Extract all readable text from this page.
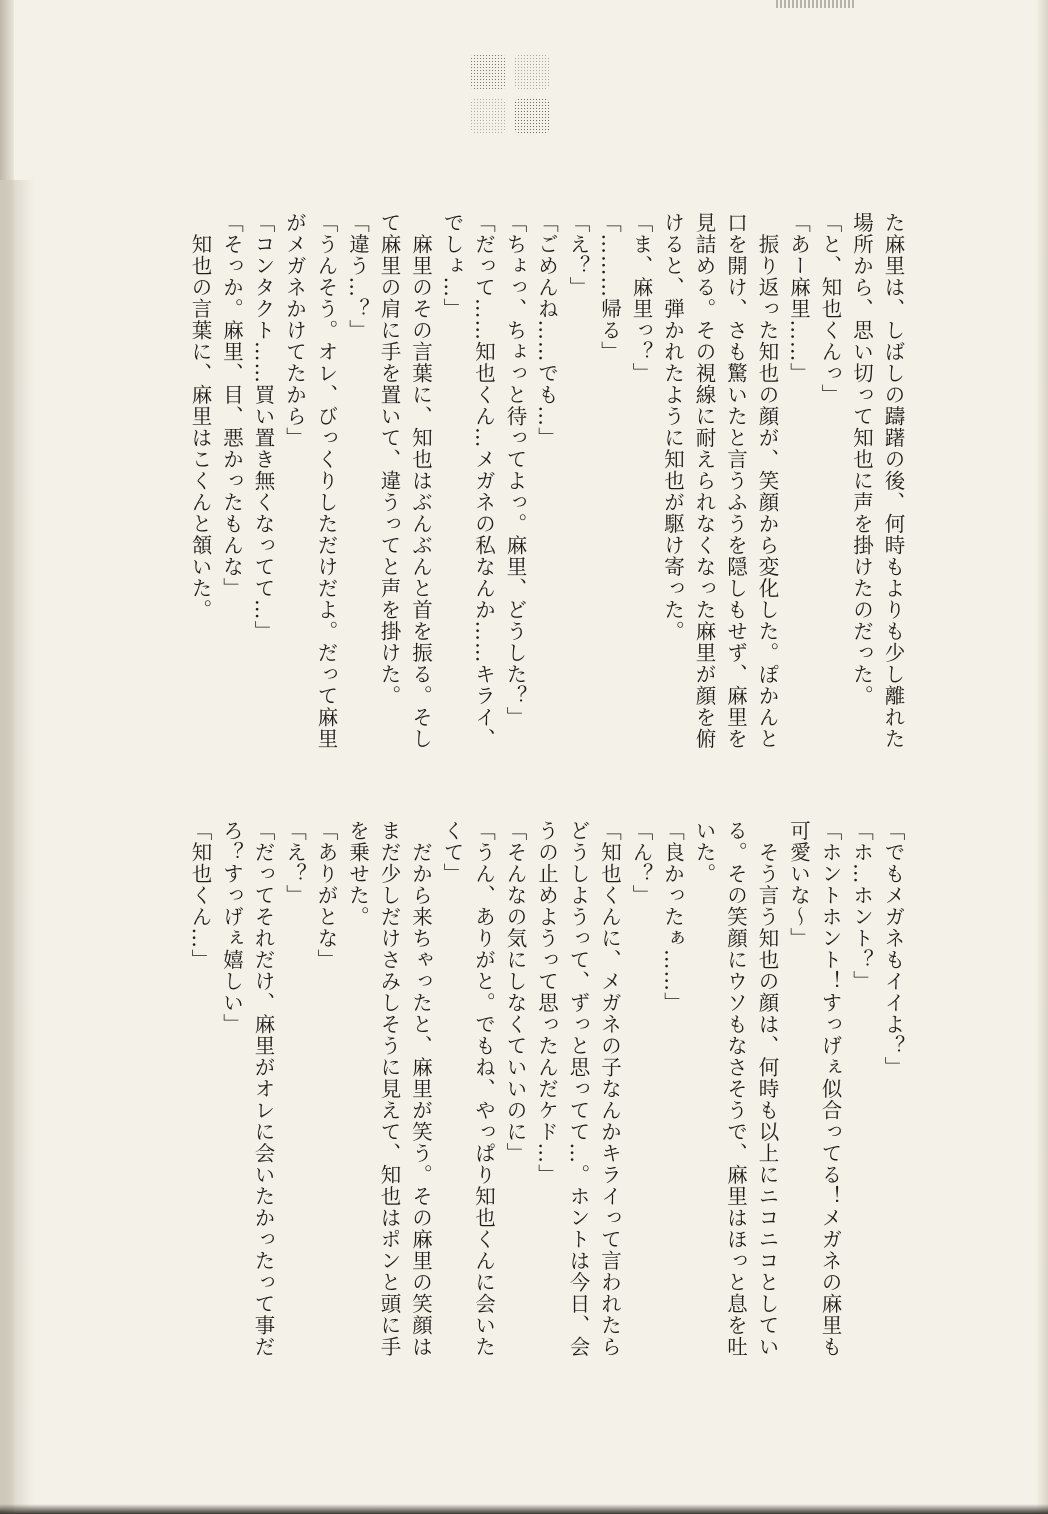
た麻里は、しばしの躊躇の後、何時もよりも少し離れた

場所から、思い切って知也に声を掛けたのだった。

「と、知也くんっ」

「あー麻里……」

　振り返った知也の顔が、笑顔から変化した。ぽかんと

口を開け、さも驚いたと言うふうを隠しもせず、麻里を

見詰める。その視線に耐えられなくなった麻里が顔を俯

けると、弾かれたように知也が駆け寄った。

「ま、麻里っ？」

「………帰る」

「え？」

「ごめんね……でも…」

「ちょっ、ちょっと待ってよっ。麻里、どうした？」

「だって……知也くん…メガネの私なんか……キライ、

でしょ…」

　麻里のその言葉に、知也はぶんぶんと首を振る。そし

て麻里の肩に手を置いて、違うってと声を掛けた。

「違う…？」

「うんそう。オレ、びっくりしただけだよ。だって麻里

がメガネかけてたから」

「コンタクト……買い置き無くなってて…」

「そっか。麻里、目、悪かったもんな」

　知也の言葉に、麻里はこくんと頷いた。

「でもメガネもイイよ？」

「ホ…ホント？」

「ホントホント！すっげぇ似合ってる！メガネの麻里も

可愛いな～」

　そう言う知也の顔は、何時も以上にニコニコとしてい

る。その笑顔にウソもなさそうで、麻里はほっと息を吐

いた。

「良かったぁ……」

「ん？」

「知也くんに、メガネの子なんかキライって言われたら

どうしようって、ずっと思ってて…。ホントは今日、会

うの止めようって思ったんだケド…」

「そんなの気にしなくていいのに」

「うん、ありがと。でもね、やっぱり知也くんに会いた

くて」

　だから来ちゃったと、麻里が笑う。その麻里の笑顔は

まだ少しだけさみしそうに見えて、知也はポンと頭に手

を乗せた。

「ありがとな」

「え？」

「だってそれだけ、麻里がオレに会いたかったって事だ

ろ？すっげぇ嬉しい」

「知也くん…」
